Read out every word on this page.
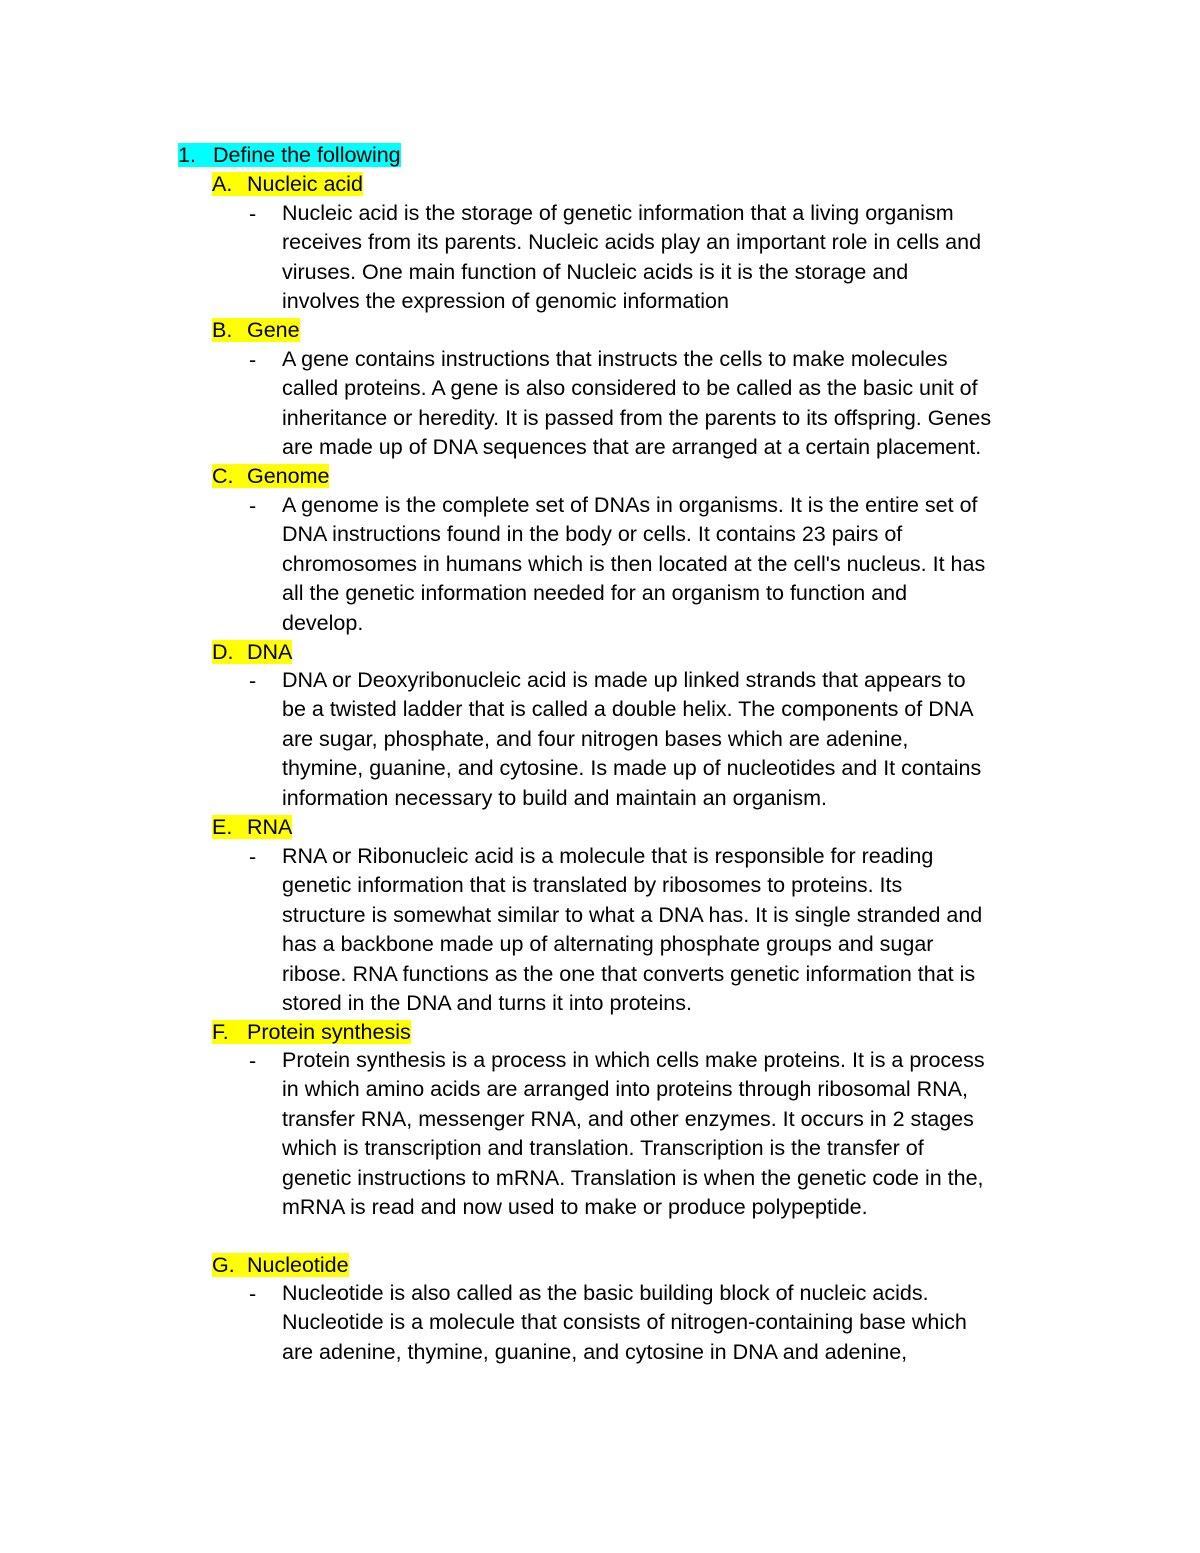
1. Define the following
A. Nucleic acid
- Nucleic acid is the storage of genetic information that a living organism
receives from its parents. Nucleic acids play an important role in cells and
viruses. One main function of Nucleic acids is it is the storage and
involves the expression of genomic information
B. Gene
- A gene contains instructions that instructs the cells to make molecules
called proteins. A gene is also considered to be called as the basic unit of
inheritance or heredity. It is passed from the parents to its offspring. Genes
are made up of DNA sequences that are arranged at a certain placement.
C. Genome
- A genome is the complete set of DNAs in organisms. It is the entire set of
DNA instructions found in the body or cells. It contains 23 pairs of
chromosomes in humans which is then located at the cell's nucleus. It has
all the genetic information needed for an organism to function and
develop.
D. DNA
- DNA or Deoxyribonucleic acid is made up linked strands that appears to
be a twisted ladder that is called a double helix. The components of DNA
are sugar, phosphate, and four nitrogen bases which are adenine,
thymine, guanine, and cytosine. Is made up of nucleotides and It contains
information necessary to build and maintain an organism.
E. RNA
- RNA or Ribonucleic acid is a molecule that is responsible for reading
genetic information that is translated by ribosomes to proteins. Its
structure is somewhat similar to what a DNA has. It is single stranded and
has a backbone made up of alternating phosphate groups and sugar
ribose. RNA functions as the one that converts genetic information that is
stored in the DNA and turns it into proteins.
F. Protein synthesis
- Protein synthesis is a process in which cells make proteins. It is a process
in which amino acids are arranged into proteins through ribosomal RNA,
transfer RNA, messenger RNA, and other enzymes. It occurs in 2 stages
which is transcription and translation. Transcription is the transfer of
genetic instructions to mRNA. Translation is when the genetic code in the,
mRNA is read and now used to make or produce polypeptide.
G. Nucleotide
- Nucleotide is also called as the basic building block of nucleic acids.
Nucleotide is a molecule that consists of nitrogen-containing base which
are adenine, thymine, guanine, and cytosine in DNA and adenine,
